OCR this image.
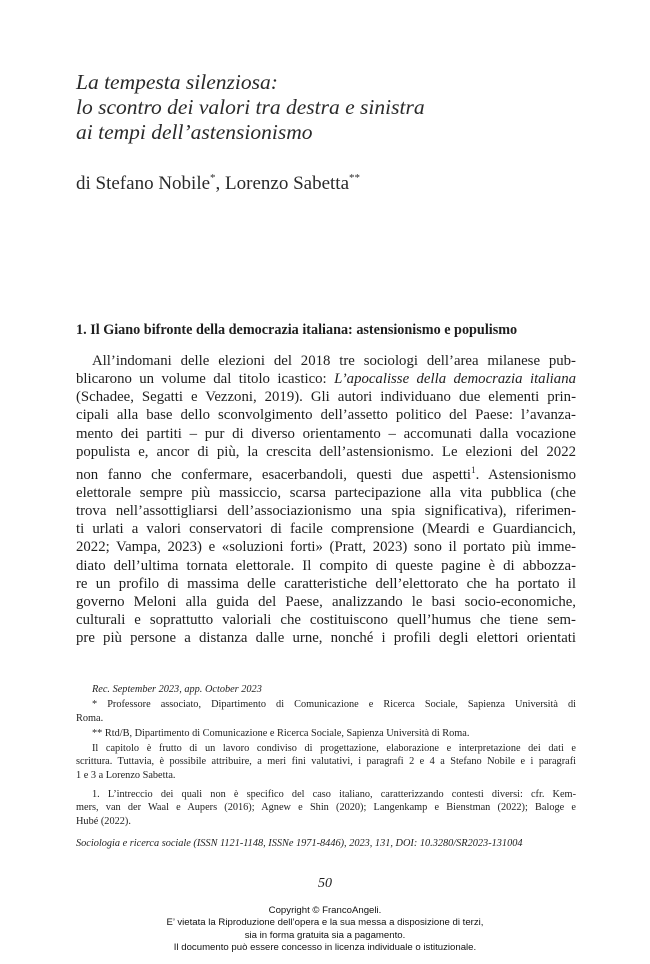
La tempesta silenziosa:
lo scontro dei valori tra destra e sinistra
ai tempi dell’astensionismo
di Stefano Nobile*, Lorenzo Sabetta**
1. Il Giano bifronte della democrazia italiana: astensionismo e populismo
All’indomani delle elezioni del 2018 tre sociologi dell’area milanese pub-
blicarono un volume dal titolo icastico: L’apocalisse della democrazia italiana
(Schadee, Segatti e Vezzoni, 2019). Gli autori individuano due elementi prin-
cipali alla base dello sconvolgimento dell’assetto politico del Paese: l’avanza-
mento dei partiti – pur di diverso orientamento – accomunati dalla vocazione
populista e, ancor di più, la crescita dell’astensionismo. Le elezioni del 2022
non fanno che confermare, esacerbandoli, questi due aspetti$^1$. Astensionismo
elettorale sempre più massiccio, scarsa partecipazione alla vita pubblica (che
trova nell’assottigliarsi dell’associazionismo una spia significativa), riferimen-
ti urlati a valori conservatori di facile comprensione (Meardi e Guardiancich,
2022; Vampa, 2023) e «soluzioni forti» (Pratt, 2023) sono il portato più imme-
diato dell’ultima tornata elettorale. Il compito di queste pagine è di abbozza-
re un profilo di massima delle caratteristiche dell’elettorato che ha portato il
governo Meloni alla guida del Paese, analizzando le basi socio-economiche,
culturali e soprattutto valoriali che costituiscono quell’humus che tiene sem-
pre più persone a distanza dalle urne, nonché i profili degli elettori orientati
Rec. September 2023, app. October 2023
* Professore associato, Dipartimento di Comunicazione e Ricerca Sociale, Sapienza Università di
Roma.
** Rtd/B, Dipartimento di Comunicazione e Ricerca Sociale, Sapienza Università di Roma.
Il capitolo è frutto di un lavoro condiviso di progettazione, elaborazione e interpretazione dei dati e
scrittura. Tuttavia, è possibile attribuire, a meri fini valutativi, i paragrafi 2 e 4 a Stefano Nobile e i paragrafi
1 e 3 a Lorenzo Sabetta.
1. L’intreccio dei quali non è specifico del caso italiano, caratterizzando contesti diversi: cfr. Kem-
mers, van der Waal e Aupers (2016); Agnew e Shin (2020); Langenkamp e Bienstman (2022); Baloge e
Hubé (2022).
Sociologia e ricerca sociale (ISSN 1121-1148, ISSNe 1971-8446), 2023, 131, DOI: 10.3280/SR2023-131004
50
Copyright © FrancoAngeli.
E’ vietata la Riproduzione dell’opera e la sua messa a disposizione di terzi,
sia in forma gratuita sia a pagamento.
Il documento può essere concesso in licenza individuale o istituzionale.
